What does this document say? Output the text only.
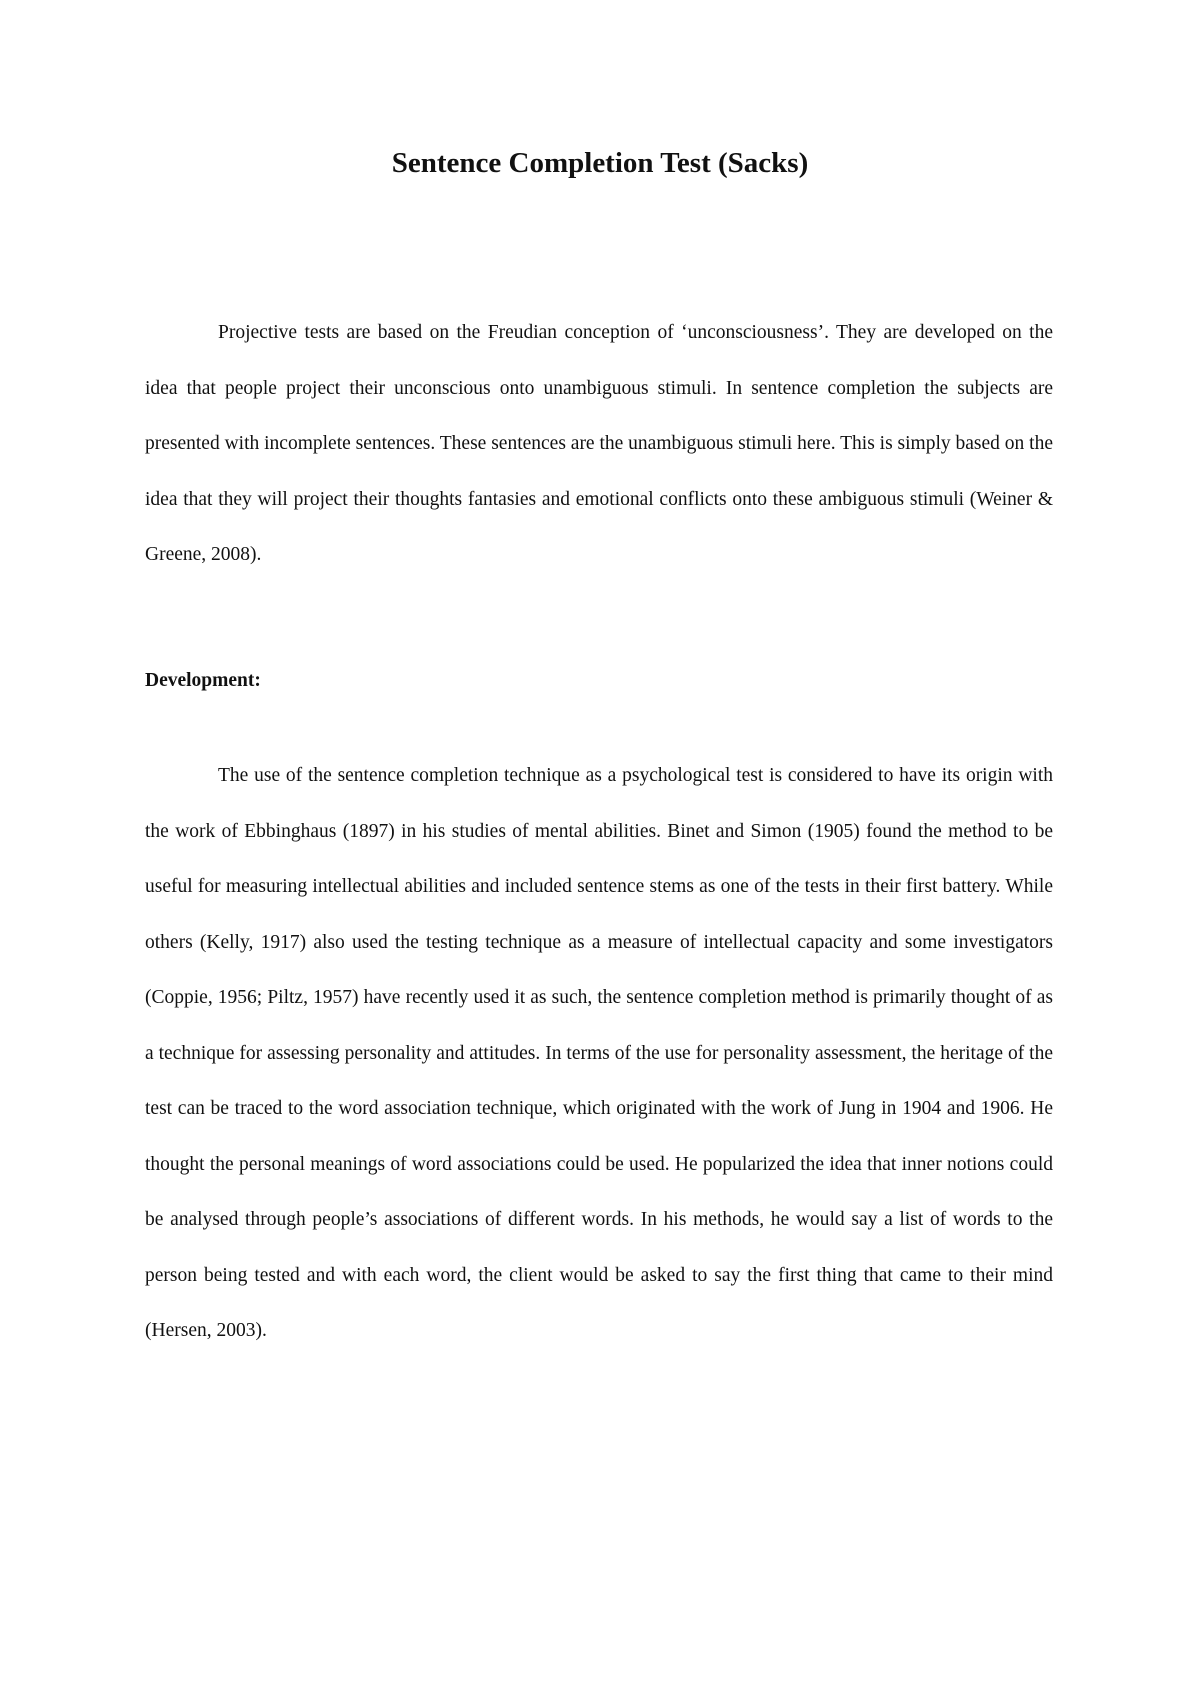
Sentence Completion Test (Sacks)

Projective tests are based on the Freudian conception of ‘unconsciousness’. They are developed on the idea that people project their unconscious onto unambiguous stimuli. In sentence completion the subjects are presented with incomplete sentences. These sentences are the unambiguous stimuli here. This is simply based on the idea that they will project their thoughts fantasies and emotional conflicts onto these ambiguous stimuli (Weiner & Greene, 2008).

Development:

The use of the sentence completion technique as a psychological test is considered to have its origin with the work of Ebbinghaus (1897) in his studies of mental abilities. Binet and Simon (1905) found the method to be useful for measuring intellectual abilities and included sentence stems as one of the tests in their first battery. While others (Kelly, 1917) also used the testing technique as a measure of intellectual capacity and some investigators (Coppie, 1956; Piltz, 1957) have recently used it as such, the sentence completion method is primarily thought of as a technique for assessing personality and attitudes. In terms of the use for personality assessment, the heritage of the test can be traced to the word association technique, which originated with the work of Jung in 1904 and 1906. He thought the personal meanings of word associations could be used. He popularized the idea that inner notions could be analysed through people’s associations of different words. In his methods, he would say a list of words to the person being tested and with each word, the client would be asked to say the first thing that came to their mind (Hersen, 2003).
